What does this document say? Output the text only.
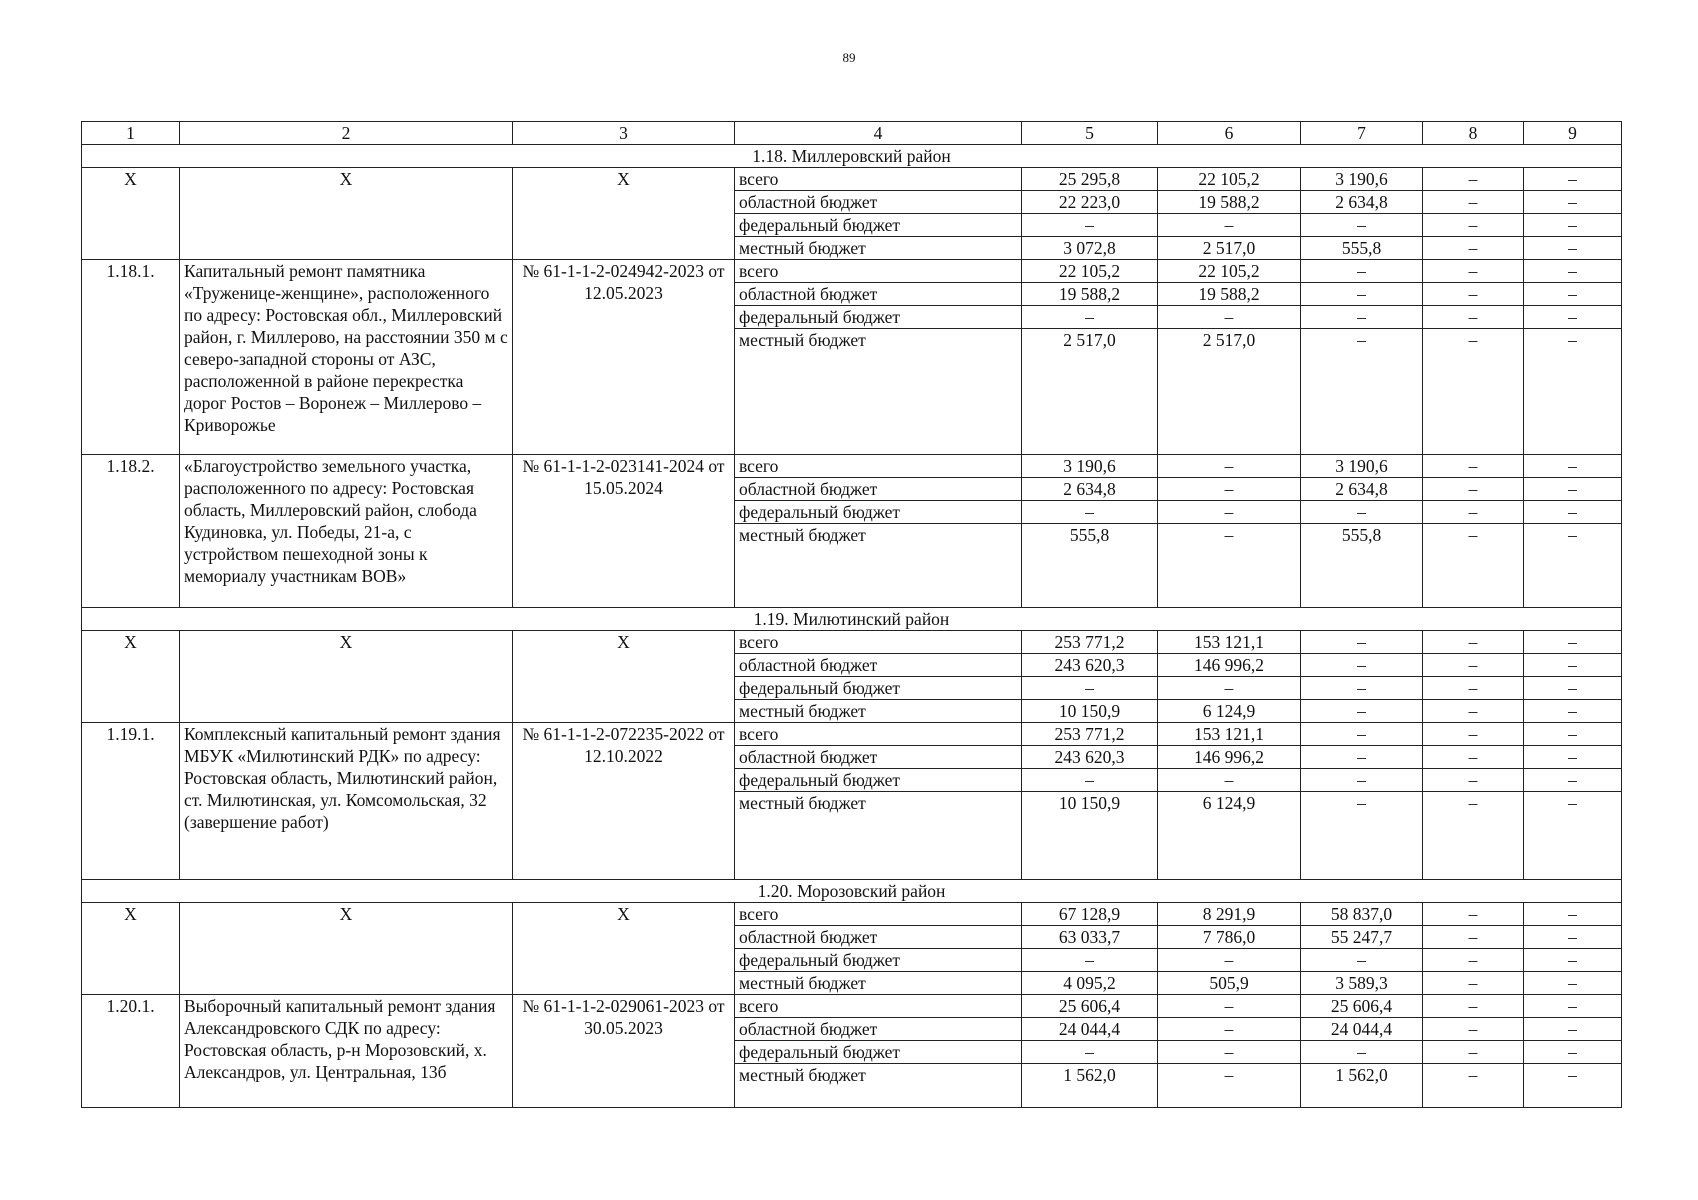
89
1	2	3	4	5	6	7	8	9
1.18. Миллеровский район								
X	X	X	всего	25 295,8	22 105,2	3 190,6	–	–
			областной бюджет	22 223,0	19 588,2	2 634,8	–	–
			федеральный бюджет	–	–	–	–	–
			местный бюджет	3 072,8	2 517,0	555,8	–	–
1.18.1.	Капитальный ремонт памятника «Труженице-женщине», расположенного по адресу: Ростовская обл., Миллеровский район, г. Миллерово, на расстоянии 350 м с северо-западной стороны от АЗС, расположенной в районе перекрестка дорог Ростов – Воронеж – Миллерово – Криворожье	№ 61-1-1-2-024942-2023 от 12.05.2023	всего	22 105,2	22 105,2	–	–	–
			областной бюджет	19 588,2	19 588,2	–	–	–
			федеральный бюджет	–	–	–	–	–
			местный бюджет	2 517,0	2 517,0	–	–	–
1.18.2.	«Благоустройство земельного участка, расположенного по адресу: Ростовская область, Миллеровский район, слобода Кудиновка, ул. Победы, 21-а, с устройством пешеходной зоны к мемориалу участникам ВОВ»	№ 61-1-1-2-023141-2024 от 15.05.2024	всего	3 190,6	–	3 190,6	–	–
			областной бюджет	2 634,8	–	2 634,8	–	–
			федеральный бюджет	–	–	–	–	–
			местный бюджет	555,8	–	555,8	–	–
1.19. Милютинский район								
X	X	X	всего	253 771,2	153 121,1	–	–	–
			областной бюджет	243 620,3	146 996,2	–	–	–
			федеральный бюджет	–	–	–	–	–
			местный бюджет	10 150,9	6 124,9	–	–	–
1.19.1.	Комплексный капитальный ремонт здания МБУК «Милютинский РДК» по адресу: Ростовская область, Милютинский район, ст. Милютинская, ул. Комсомольская, 32 (завершение работ)	№ 61-1-1-2-072235-2022 от 12.10.2022	всего	253 771,2	153 121,1	–	–	–
			областной бюджет	243 620,3	146 996,2	–	–	–
			федеральный бюджет	–	–	–	–	–
			местный бюджет	10 150,9	6 124,9	–	–	–
1.20. Морозовский район								
X	X	X	всего	67 128,9	8 291,9	58 837,0	–	–
			областной бюджет	63 033,7	7 786,0	55 247,7	–	–
			федеральный бюджет	–	–	–	–	–
			местный бюджет	4 095,2	505,9	3 589,3	–	–
1.20.1.	Выборочный капитальный ремонт здания Александровского СДК по адресу: Ростовская область, р-н Морозовский, х. Александров, ул. Центральная, 13б	№ 61-1-1-2-029061-2023 от 30.05.2023	всего	25 606,4	–	25 606,4	–	–
			областной бюджет	24 044,4	–	24 044,4	–	–
			федеральный бюджет	–	–	–	–	–
			местный бюджет	1 562,0	–	1 562,0	–	–
